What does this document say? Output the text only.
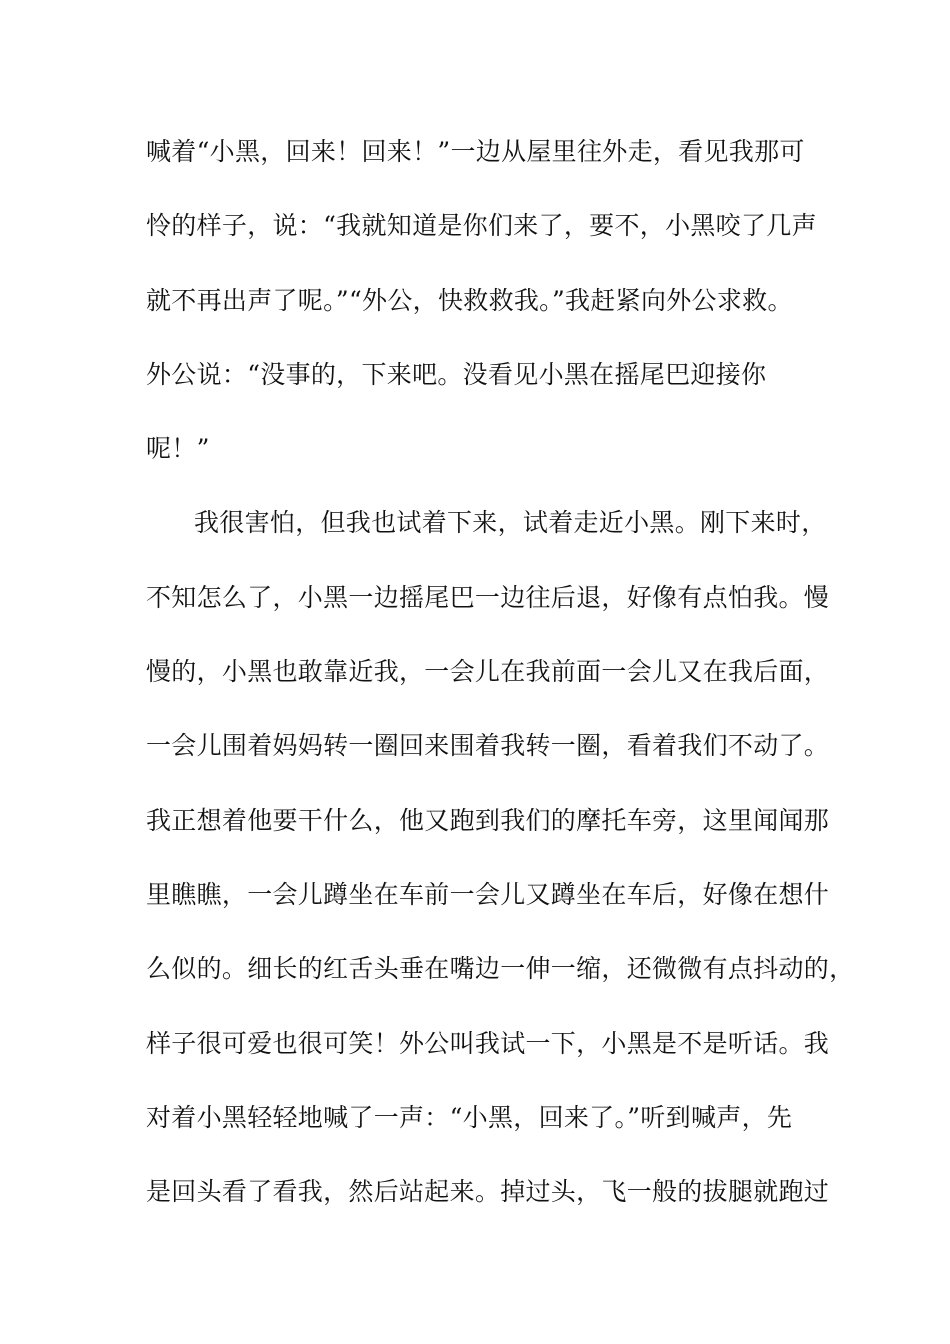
喊着“小黑，回来！回来！”一边从屋里往外走，看见我那可
怜的样子，说：“我就知道是你们来了，要不，小黑咬了几声
就不再出声了呢。”“外公，快救救我。”我赶紧向外公求救。
外公说：“没事的，下来吧。没看见小黑在摇尾巴迎接你
呢！”
我很害怕，但我也试着下来，试着走近小黑。刚下来时，
不知怎么了，小黑一边摇尾巴一边往后退，好像有点怕我。慢
慢的，小黑也敢靠近我，一会儿在我前面一会儿又在我后面，
一会儿围着妈妈转一圈回来围着我转一圈，看着我们不动了。
我正想着他要干什么，他又跑到我们的摩托车旁，这里闻闻那
里瞧瞧，一会儿蹲坐在车前一会儿又蹲坐在车后，好像在想什
么似的。细长的红舌头垂在嘴边一伸一缩，还微微有点抖动的，
样子很可爱也很可笑！外公叫我试一下，小黑是不是听话。我
对着小黑轻轻地喊了一声：“小黑，回来了。”听到喊声，先
是回头看了看我，然后站起来。掉过头，飞一般的拔腿就跑过
